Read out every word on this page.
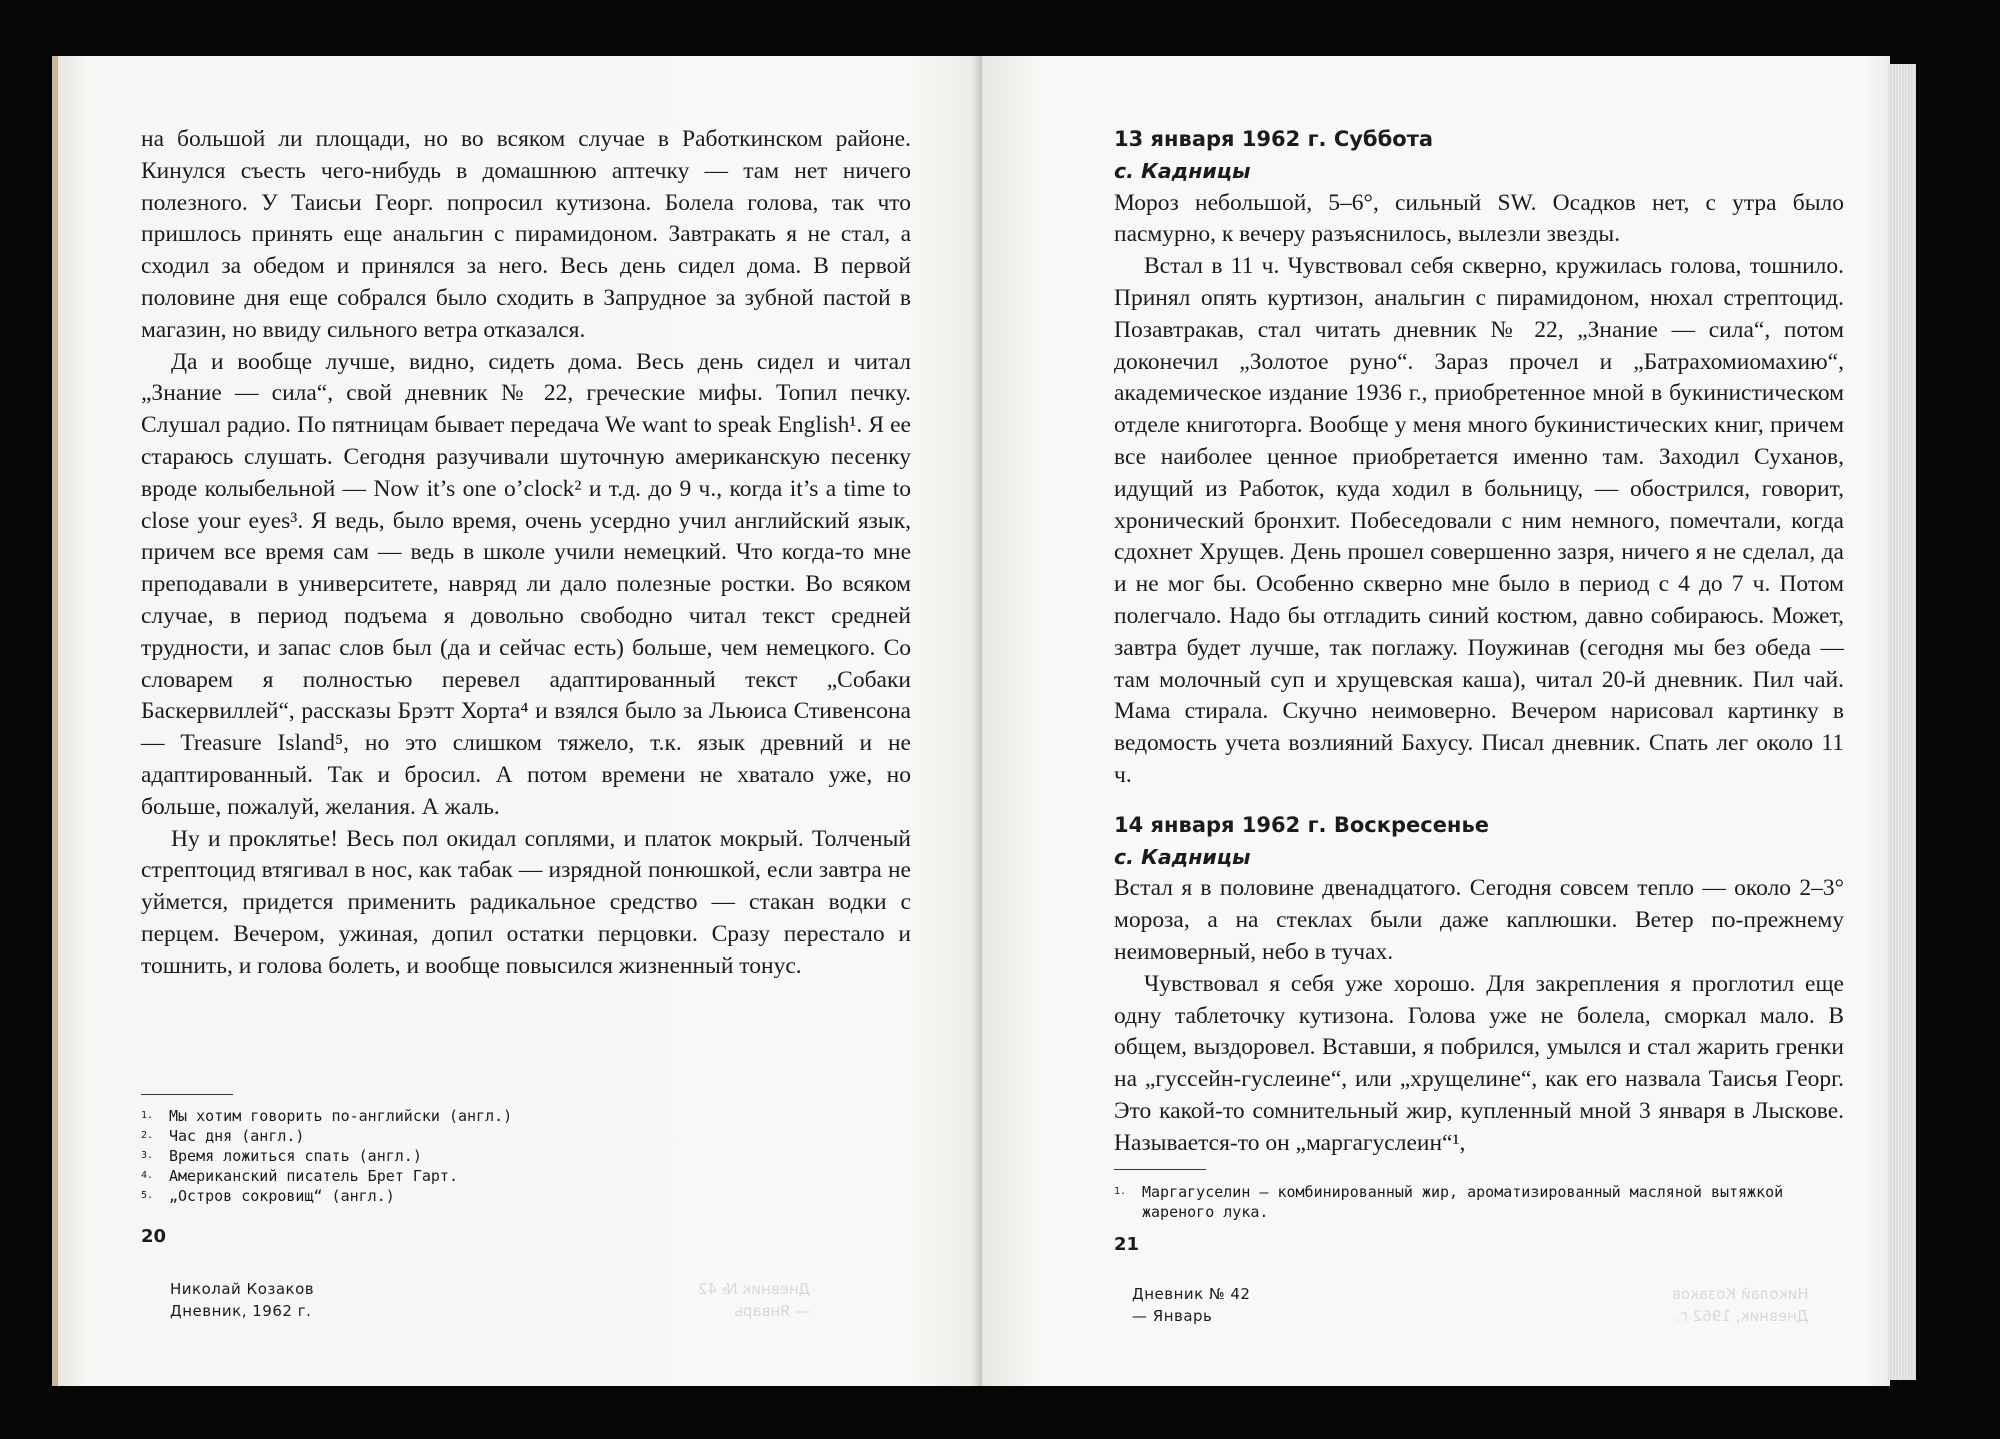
на большой ли площади, но во всяком случае в Работкинском районе. Кинулся съесть чего-нибудь в домашнюю аптечку — там нет ничего полезного. У Таисьи Георг. попросил кутизона. Болела голова, так что пришлось принять еще анальгин с пирамидоном. Завтракать я не стал, а сходил за обедом и принялся за него. Весь день сидел дома. В первой половине дня еще собрался было сходить в Запрудное за зубной пастой в магазин, но ввиду сильного ветра отказался.

Да и вообще лучше, видно, сидеть дома. Весь день сидел и читал „Знание — сила“, свой дневник № 22, греческие мифы. Топил печку. Слушал радио. По пятницам бывает передача We want to speak English¹. Я ее стараюсь слушать. Сегодня разучивали шуточную американскую песенку вроде колыбельной — Now it’s one o’clock² и т.д. до 9 ч., когда it’s a time to close your eyes³. Я ведь, было время, очень усердно учил английский язык, причем все время сам — ведь в школе учили немецкий. Что когда-то мне преподавали в университете, навряд ли дало полезные ростки. Во всяком случае, в период подъема я довольно свободно читал текст средней трудности, и запас слов был (да и сейчас есть) больше, чем немецкого. Со словарем я полностью перевел адаптированный текст „Собаки Баскервиллей“, рассказы Брэтт Хорта⁴ и взялся было за Льюиса Стивенсона — Treasure Island⁵, но это слишком тяжело, т.к. язык древний и не адаптированный. Так и бросил. А потом времени не хватало уже, но больше, пожалуй, желания. А жаль.

Ну и проклятье! Весь пол окидал соплями, и платок мокрый. Толченый стрептоцид втягивал в нос, как табак — изрядной понюшкой, если завтра не уймется, придется применить радикальное средство — стакан водки с перцем. Вечером, ужиная, допил остатки перцовки. Сразу перестало и тошнить, и голова болеть, и вообще повысился жизненный тонус.

1.	Мы хотим говорить по-английски (англ.)
2.	Час дня (англ.)
3.	Время ложиться спать (англ.)
4.	Американский писатель Брет Гарт.
5.	„Остров сокровищ“ (англ.)
20
Николай Козаков
Дневник, 1962 г.
Дневник № 42
— Январь
13 января 1962 г. Суббота
с. Кадницы

Мороз небольшой, 5–6°, сильный SW. Осадков нет, с утра было пасмурно, к вечеру разъяснилось, вылезли звезды.

Встал в 11 ч. Чувствовал себя скверно, кружилась голова, тошнило. Принял опять куртизон, анальгин с пирамидоном, нюхал стрептоцид. Позавтракав, стал читать дневник № 22, „Знание — сила“, потом доконечил „Золотое руно“. Зараз прочел и „Батрахомиомахию“, академическое издание 1936 г., приобретенное мной в букинистическом отделе книготорга. Вообще у меня много букинистических книг, причем все наиболее ценное приобретается именно там. Заходил Суханов, идущий из Работок, куда ходил в больницу, — обострился, говорит, хронический бронхит. Побеседовали с ним немного, помечтали, когда сдохнет Хрущев. День прошел совершенно зазря, ничего я не сделал, да и не мог бы. Особенно скверно мне было в период с 4 до 7 ч. Потом полегчало. Надо бы отгладить синий костюм, давно собираюсь. Может, завтра будет лучше, так поглажу. Поужинав (сегодня мы без обеда — там молочный суп и хрущевская каша), читал 20-й дневник. Пил чай. Мама стирала. Скучно неимоверно. Вечером нарисовал картинку в ведомость учета возлияний Бахусу. Писал дневник. Спать лег около 11 ч.

14 января 1962 г. Воскресенье
с. Кадницы

Встал я в половине двенадцатого. Сегодня совсем тепло — около 2–3° мороза, а на стеклах были даже каплюшки. Ветер по-прежнему неимоверный, небо в тучах.

Чувствовал я себя уже хорошо. Для закрепления я проглотил еще одну таблеточку кутизона. Голова уже не болела, сморкал мало. В общем, выздоровел. Вставши, я побрился, умылся и стал жарить гренки на „гуссейн-гуслеине“, или „хрущелине“, как его назвала Таисья Георг. Это какой-то сомнительный жир, купленный мной 3 января в Лыскове. Называется-то он „маргагуслеин“¹,

1.	Маргагуселин — комбинированный жир, ароматизированный масляной вытяжкой жареного лука.
21
Дневник № 42
— Январь
Николай Козаков
Дневник, 1962 г.
